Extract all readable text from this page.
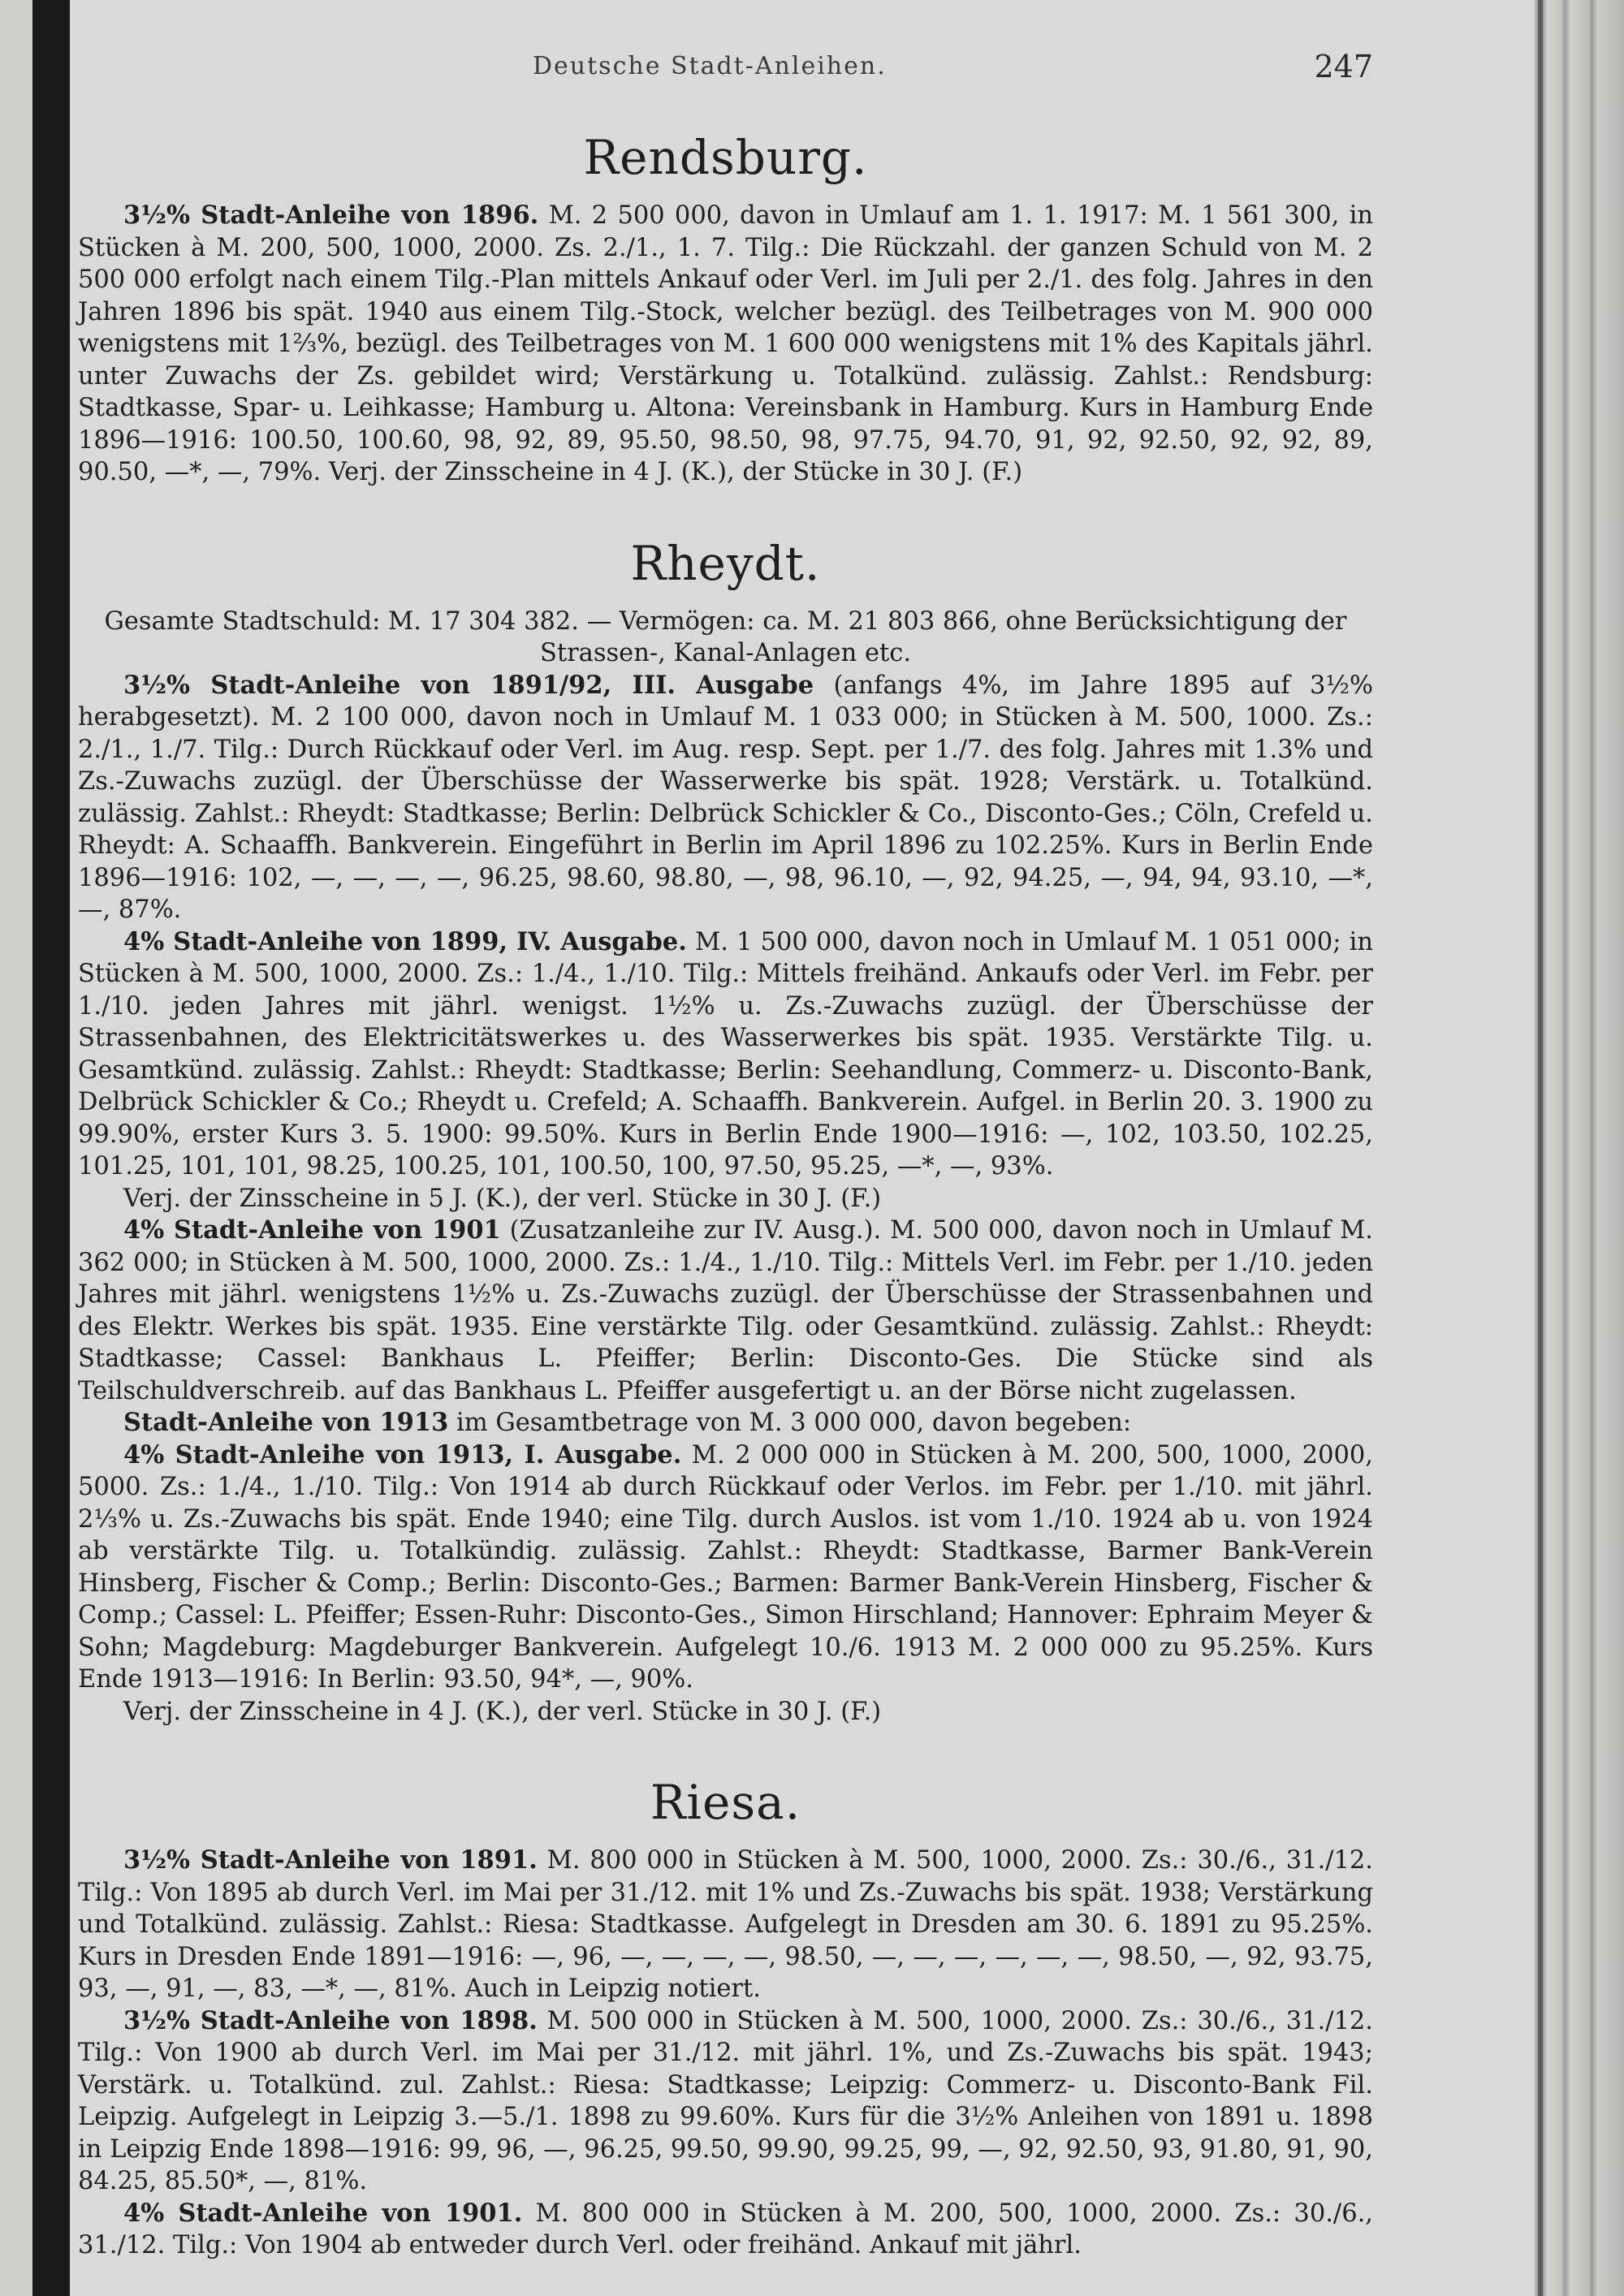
Deutsche Stadt-Anleihen.	247
Rendsburg.

3½% Stadt-Anleihe von 1896. M. 2 500 000, davon in Umlauf am 1. 1. 1917: M. 1 561 300, in Stücken à M. 200, 500, 1000, 2000. Zs. 2./1., 1. 7. Tilg.: Die Rückzahl. der ganzen Schuld von M. 2 500 000 erfolgt nach einem Tilg.-Plan mittels Ankauf oder Verl. im Juli per 2./1. des folg. Jahres in den Jahren 1896 bis spät. 1940 aus einem Tilg.-Stock, welcher bezügl. des Teilbetrages von M. 900 000 wenigstens mit 1⅔%, bezügl. des Teilbetrages von M. 1 600 000 wenigstens mit 1% des Kapitals jährl. unter Zuwachs der Zs. gebildet wird; Verstärkung u. Totalkünd. zulässig. Zahlst.: Rendsburg: Stadtkasse, Spar- u. Leihkasse; Hamburg u. Altona: Vereinsbank in Hamburg. Kurs in Hamburg Ende 1896—1916: 100.50, 100.60, 98, 92, 89, 95.50, 98.50, 98, 97.75, 94.70, 91, 92, 92.50, 92, 92, 89, 90.50, —*, —, 79%. Verj. der Zinsscheine in 4 J. (K.), der Stücke in 30 J. (F.)

Rheydt.

Gesamte Stadtschuld: M. 17 304 382. — Vermögen: ca. M. 21 803 866, ohne Berücksichtigung der Strassen-, Kanal-Anlagen etc.

3½% Stadt-Anleihe von 1891/92, III. Ausgabe (anfangs 4%, im Jahre 1895 auf 3½% herabgesetzt). M. 2 100 000, davon noch in Umlauf M. 1 033 000; in Stücken à M. 500, 1000. Zs.: 2./1., 1./7. Tilg.: Durch Rückkauf oder Verl. im Aug. resp. Sept. per 1./7. des folg. Jahres mit 1.3% und Zs.-Zuwachs zuzügl. der Überschüsse der Wasserwerke bis spät. 1928; Verstärk. u. Totalkünd. zulässig. Zahlst.: Rheydt: Stadtkasse; Berlin: Delbrück Schickler & Co., Disconto-Ges.; Cöln, Crefeld u. Rheydt: A. Schaaffh. Bankverein. Eingeführt in Berlin im April 1896 zu 102.25%. Kurs in Berlin Ende 1896—1916: 102, —, —, —, —, 96.25, 98.60, 98.80, —, 98, 96.10, —, 92, 94.25, —, 94, 94, 93.10, —*, —, 87%.

4% Stadt-Anleihe von 1899, IV. Ausgabe. M. 1 500 000, davon noch in Umlauf M. 1 051 000; in Stücken à M. 500, 1000, 2000. Zs.: 1./4., 1./10. Tilg.: Mittels freihänd. Ankaufs oder Verl. im Febr. per 1./10. jeden Jahres mit jährl. wenigst. 1½% u. Zs.-Zuwachs zuzügl. der Überschüsse der Strassenbahnen, des Elektricitätswerkes u. des Wasserwerkes bis spät. 1935. Verstärkte Tilg. u. Gesamtkünd. zulässig. Zahlst.: Rheydt: Stadtkasse; Berlin: Seehandlung, Commerz- u. Disconto-Bank, Delbrück Schickler & Co.; Rheydt u. Crefeld; A. Schaaffh. Bankverein. Aufgel. in Berlin 20. 3. 1900 zu 99.90%, erster Kurs 3. 5. 1900: 99.50%. Kurs in Berlin Ende 1900—1916: —, 102, 103.50, 102.25, 101.25, 101, 101, 98.25, 100.25, 101, 100.50, 100, 97.50, 95.25, —*, —, 93%.

Verj. der Zinsscheine in 5 J. (K.), der verl. Stücke in 30 J. (F.)

4% Stadt-Anleihe von 1901 (Zusatzanleihe zur IV. Ausg.). M. 500 000, davon noch in Umlauf M. 362 000; in Stücken à M. 500, 1000, 2000. Zs.: 1./4., 1./10. Tilg.: Mittels Verl. im Febr. per 1./10. jeden Jahres mit jährl. wenigstens 1½% u. Zs.-Zuwachs zuzügl. der Überschüsse der Strassenbahnen und des Elektr. Werkes bis spät. 1935. Eine verstärkte Tilg. oder Gesamtkünd. zulässig. Zahlst.: Rheydt: Stadtkasse; Cassel: Bankhaus L. Pfeiffer; Berlin: Disconto-Ges. Die Stücke sind als Teilschuldverschreib. auf das Bankhaus L. Pfeiffer ausgefertigt u. an der Börse nicht zugelassen.

Stadt-Anleihe von 1913 im Gesamtbetrage von M. 3 000 000, davon begeben:

4% Stadt-Anleihe von 1913, I. Ausgabe. M. 2 000 000 in Stücken à M. 200, 500, 1000, 2000, 5000. Zs.: 1./4., 1./10. Tilg.: Von 1914 ab durch Rückkauf oder Verlos. im Febr. per 1./10. mit jährl. 2⅓% u. Zs.-Zuwachs bis spät. Ende 1940; eine Tilg. durch Auslos. ist vom 1./10. 1924 ab u. von 1924 ab verstärkte Tilg. u. Totalkündig. zulässig. Zahlst.: Rheydt: Stadtkasse, Barmer Bank-Verein Hinsberg, Fischer & Comp.; Berlin: Disconto-Ges.; Barmen: Barmer Bank-Verein Hinsberg, Fischer & Comp.; Cassel: L. Pfeiffer; Essen-Ruhr: Disconto-Ges., Simon Hirschland; Hannover: Ephraim Meyer & Sohn; Magdeburg: Magdeburger Bankverein. Aufgelegt 10./6. 1913 M. 2 000 000 zu 95.25%. Kurs Ende 1913—1916: In Berlin: 93.50, 94*, —, 90%.

Verj. der Zinsscheine in 4 J. (K.), der verl. Stücke in 30 J. (F.)

Riesa.

3½% Stadt-Anleihe von 1891. M. 800 000 in Stücken à M. 500, 1000, 2000. Zs.: 30./6., 31./12. Tilg.: Von 1895 ab durch Verl. im Mai per 31./12. mit 1% und Zs.-Zuwachs bis spät. 1938; Verstärkung und Totalkünd. zulässig. Zahlst.: Riesa: Stadtkasse. Aufgelegt in Dresden am 30. 6. 1891 zu 95.25%. Kurs in Dresden Ende 1891—1916: —, 96, —, —, —, —, 98.50, —, —, —, —, —, —, 98.50, —, 92, 93.75, 93, —, 91, —, 83, —*, —, 81%. Auch in Leipzig notiert.

3½% Stadt-Anleihe von 1898. M. 500 000 in Stücken à M. 500, 1000, 2000. Zs.: 30./6., 31./12. Tilg.: Von 1900 ab durch Verl. im Mai per 31./12. mit jährl. 1%, und Zs.-Zuwachs bis spät. 1943; Verstärk. u. Totalkünd. zul. Zahlst.: Riesa: Stadtkasse; Leipzig: Commerz- u. Disconto-Bank Fil. Leipzig. Aufgelegt in Leipzig 3.—5./1. 1898 zu 99.60%. Kurs für die 3½% Anleihen von 1891 u. 1898 in Leipzig Ende 1898—1916: 99, 96, —, 96.25, 99.50, 99.90, 99.25, 99, —, 92, 92.50, 93, 91.80, 91, 90, 84.25, 85.50*, —, 81%.

4% Stadt-Anleihe von 1901. M. 800 000 in Stücken à M. 200, 500, 1000, 2000. Zs.: 30./6., 31./12. Tilg.: Von 1904 ab entweder durch Verl. oder freihänd. Ankauf mit jährl.
